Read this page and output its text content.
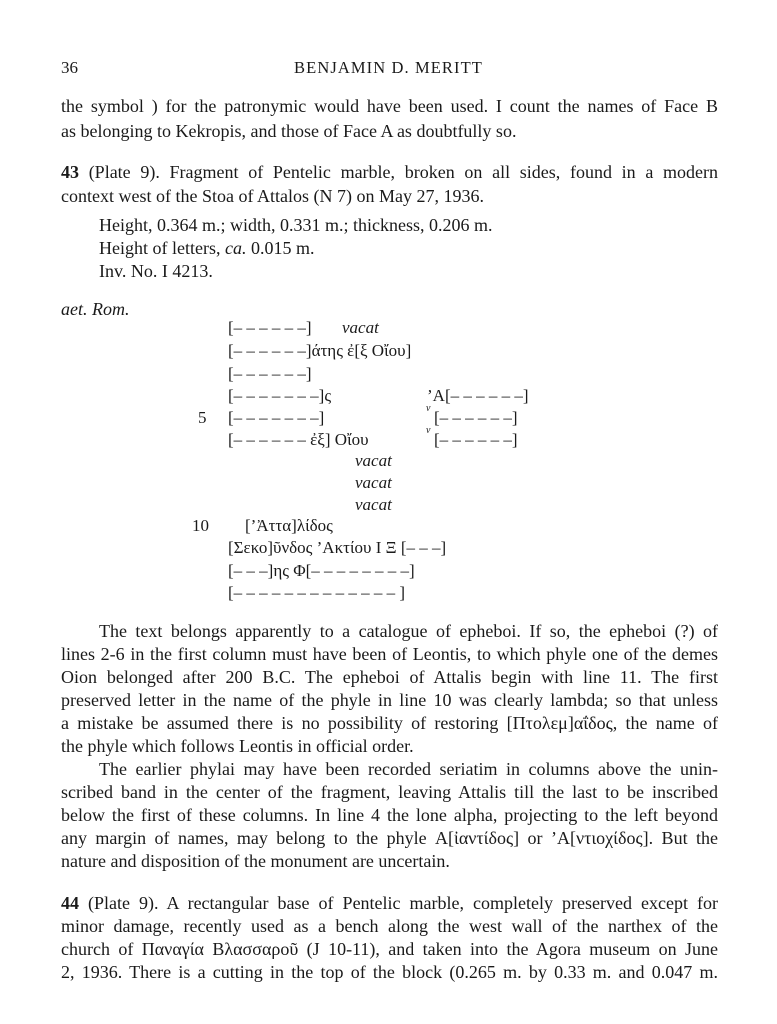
36	BENJAMIN D. MERITT
the symbol ) for the patronymic would have been used. I count the names of Face B
as belonging to Kekropis, and those of Face A as doubtfully so.
43 (Plate 9). Fragment of Pentelic marble, broken on all sides, found in a modern
context west of the Stoa of Attalos (N 7) on May 27, 1936.
Height, 0.364 m.; width, 0.331 m.; thickness, 0.206 m.
Height of letters, ca. 0.015 m.
Inv. No. I 4213.
aet. Rom.
[– – – – – –] vacat
[– – – – – –]άτης ἐ[ξ Οἴου]
[– – – – – –]
[– – – – – – –]ς	’Α[– – – – – –]
5 [– – – – – – –]	v [– – – – – –]
[– – – – – – ἐξ] Οἴου	v [– – – – – –]
vacat
vacat
vacat
10 [’Ἀττα]λίδος
[Σεκο]ῦνδος ’Ακτίου Ι Ξ [– – –]
[– – –]ης Φ[– – – – – – – –]
[– – – – – – – – – – – – – ]
The text belongs apparently to a catalogue of epheboi. If so, the epheboi (?) of
lines 2-6 in the first column must have been of Leontis, to which phyle one of the demes
Oion belonged after 200 B.C. The epheboi of Attalis begin with line 11. The first
preserved letter in the name of the phyle in line 10 was clearly lambda; so that unless
a mistake be assumed there is no possibility of restoring [Πτολεμ]αΐδος, the name of
the phyle which follows Leontis in official order.
The earlier phylai may have been recorded seriatim in columns above the unin-
scribed band in the center of the fragment, leaving Attalis till the last to be inscribed
below the first of these columns. In line 4 the lone alpha, projecting to the left beyond
any margin of names, may belong to the phyle Α[ἰαντίδος] or ’Α[ντιοχίδος]. But the
nature and disposition of the monument are uncertain.
44 (Plate 9). A rectangular base of Pentelic marble, completely preserved except for
minor damage, recently used as a bench along the west wall of the narthex of the
church of Παναγία Βλασσαροῦ (J 10-11), and taken into the Agora museum on June
2, 1936. There is a cutting in the top of the block (0.265 m. by 0.33 m. and 0.047 m.
